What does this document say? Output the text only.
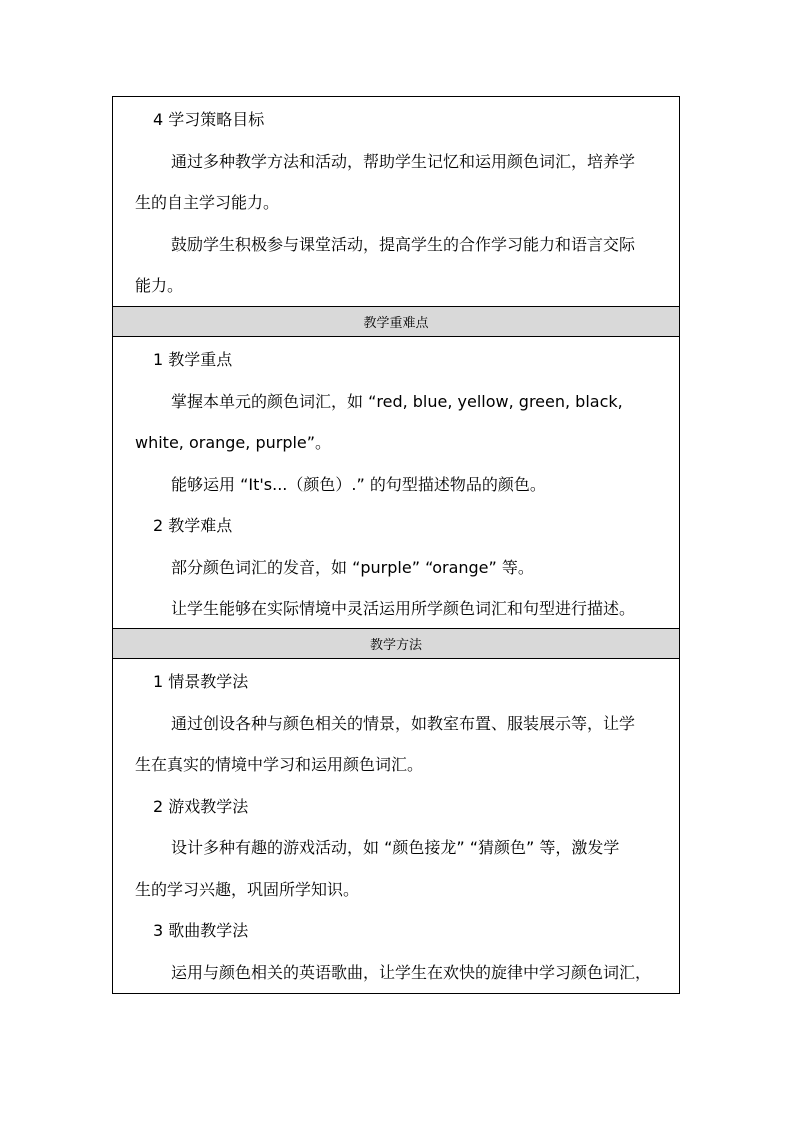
4 学习策略目标
通过多种教学方法和活动，帮助学生记忆和运用颜色词汇，培养学
生的自主学习能力。
鼓励学生积极参与课堂活动，提高学生的合作学习能力和语言交际
能力。
教学重难点
1 教学重点
掌握本单元的颜色词汇，如 “red, blue, yellow, green, black,
white, orange, purple”。
能够运用 “It's...（颜色）.” 的句型描述物品的颜色。
2 教学难点
部分颜色词汇的发音，如 “purple” “orange” 等。
让学生能够在实际情境中灵活运用所学颜色词汇和句型进行描述。
教学方法
1 情景教学法
通过创设各种与颜色相关的情景，如教室布置、服装展示等，让学
生在真实的情境中学习和运用颜色词汇。
2 游戏教学法
设计多种有趣的游戏活动，如 “颜色接龙” “猜颜色” 等，激发学
生的学习兴趣，巩固所学知识。
3 歌曲教学法
运用与颜色相关的英语歌曲，让学生在欢快的旋律中学习颜色词汇，
